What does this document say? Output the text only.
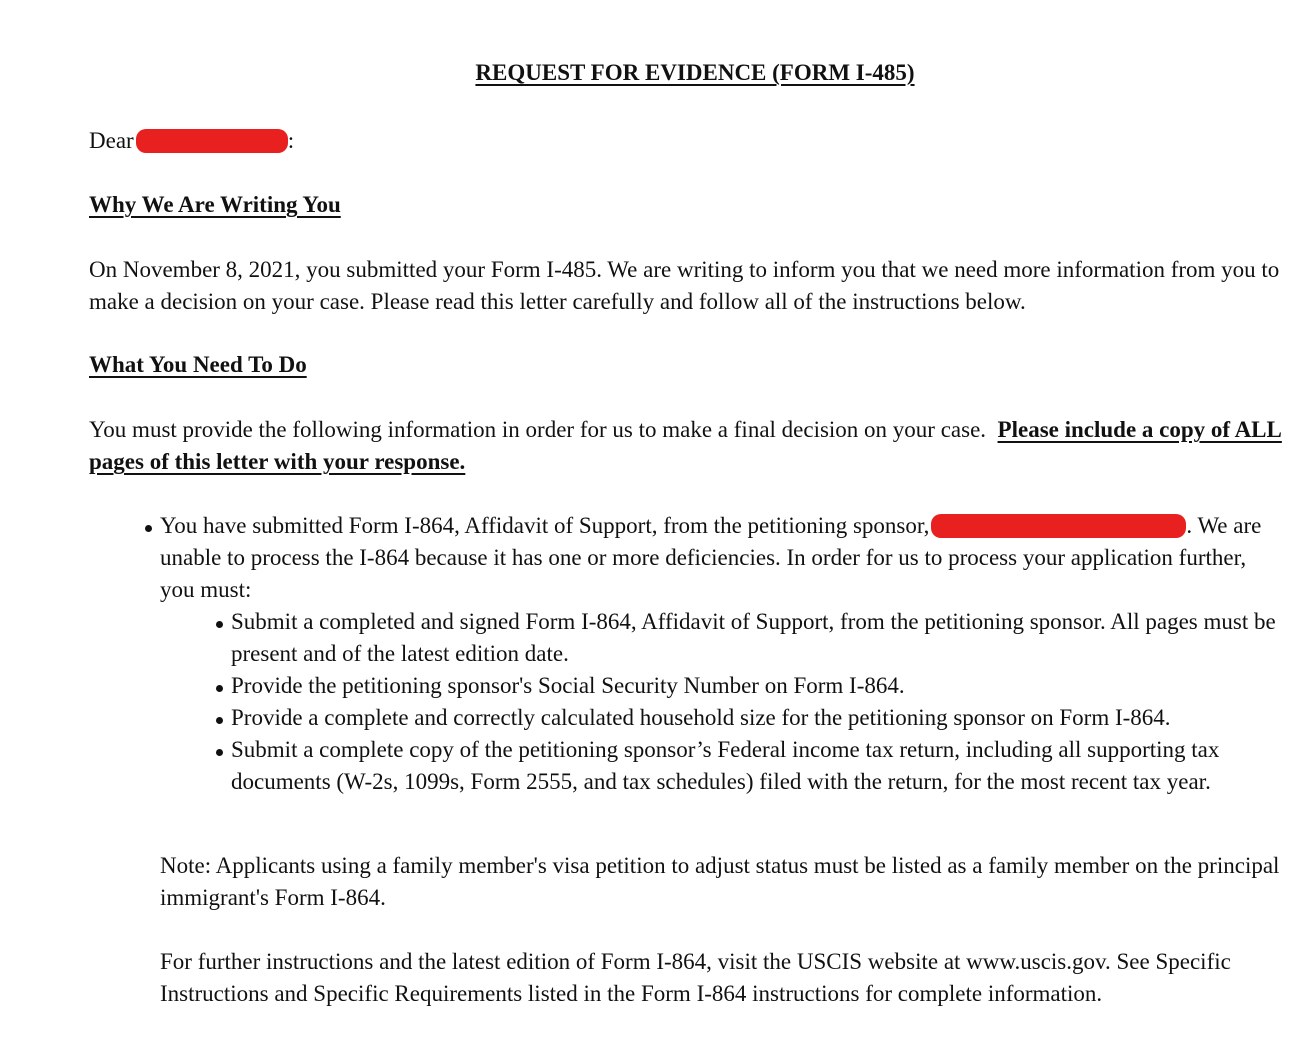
REQUEST FOR EVIDENCE (FORM I-485)
Dear	:
Why We Are Writing You
On November 8, 2021, you submitted your Form I-485. We are writing to inform you that we need more information from you to make a decision on your case. Please read this letter carefully and follow all of the instructions below.
What You Need To Do
You must provide the following information in order for us to make a final decision on your case. Please include a copy of ALL pages of this letter with your response.
You have submitted Form I-864, Affidavit of Support, from the petitioning sponsor,	. We are unable to process the I-864 because it has one or more deficiencies. In order for us to process your application further, you must:
Submit a completed and signed Form I-864, Affidavit of Support, from the petitioning sponsor. All pages must be present and of the latest edition date.
Provide the petitioning sponsor's Social Security Number on Form I-864.
Provide a complete and correctly calculated household size for the petitioning sponsor on Form I-864.
Submit a complete copy of the petitioning sponsor’s Federal income tax return, including all supporting tax documents (W-2s, 1099s, Form 2555, and tax schedules) filed with the return, for the most recent tax year.
Note: Applicants using a family member's visa petition to adjust status must be listed as a family member on the principal immigrant's Form I-864.
For further instructions and the latest edition of Form I-864, visit the USCIS website at www.uscis.gov. See Specific Instructions and Specific Requirements listed in the Form I-864 instructions for complete information.
